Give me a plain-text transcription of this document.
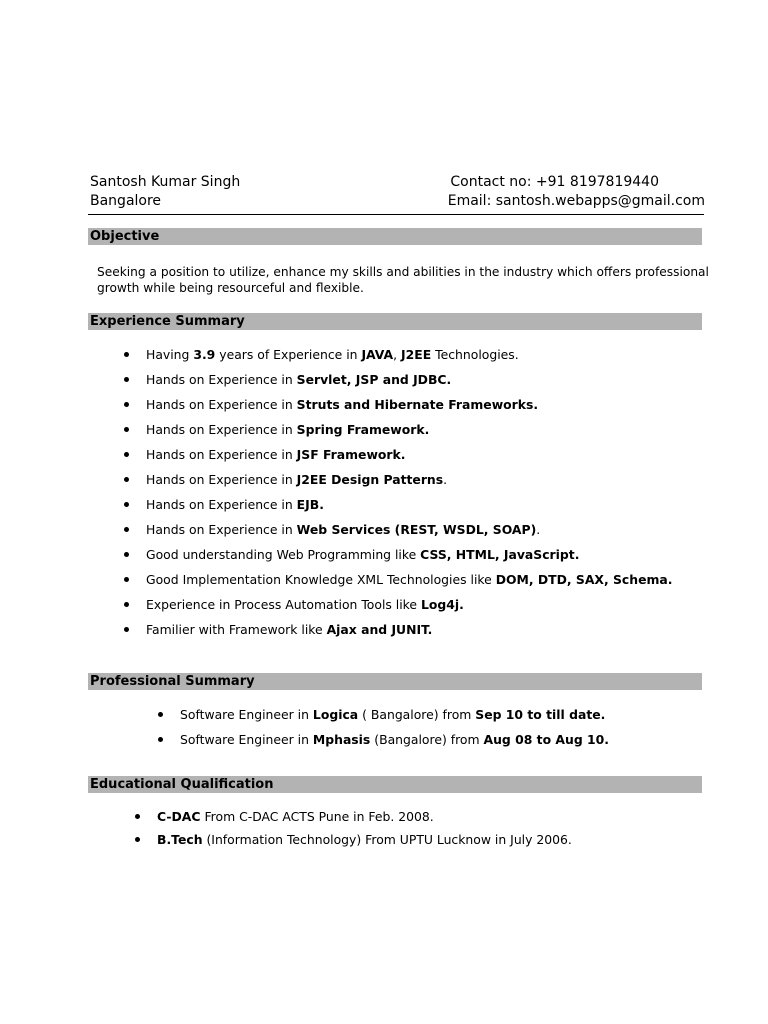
Santosh Kumar Singh
Bangalore
Contact no: +91 8197819440
Email: santosh.webapps@gmail.com
Objective
Seeking a position to utilize, enhance my skills and abilities in the industry which offers professional growth while being resourceful and flexible.
Experience Summary
Having 3.9 years of Experience in JAVA, J2EE Technologies.
Hands on Experience in Servlet, JSP and JDBC.
Hands on Experience in Struts and Hibernate Frameworks.
Hands on Experience in Spring Framework.
Hands on Experience in JSF Framework.
Hands on Experience in J2EE Design Patterns.
Hands on Experience in EJB.
Hands on Experience in Web Services (REST, WSDL, SOAP).
Good understanding Web Programming like CSS, HTML, JavaScript.
Good Implementation Knowledge XML Technologies like DOM, DTD, SAX, Schema.
Experience in Process Automation Tools like Log4j.
Familier with Framework like Ajax and JUNIT.
Professional Summary
Software Engineer in Logica ( Bangalore) from Sep 10 to till date.
Software Engineer in Mphasis (Bangalore) from Aug 08 to Aug 10.
Educational Qualification
C-DAC From C-DAC ACTS Pune in Feb. 2008.
B.Tech (Information Technology) From UPTU Lucknow in July 2006.
